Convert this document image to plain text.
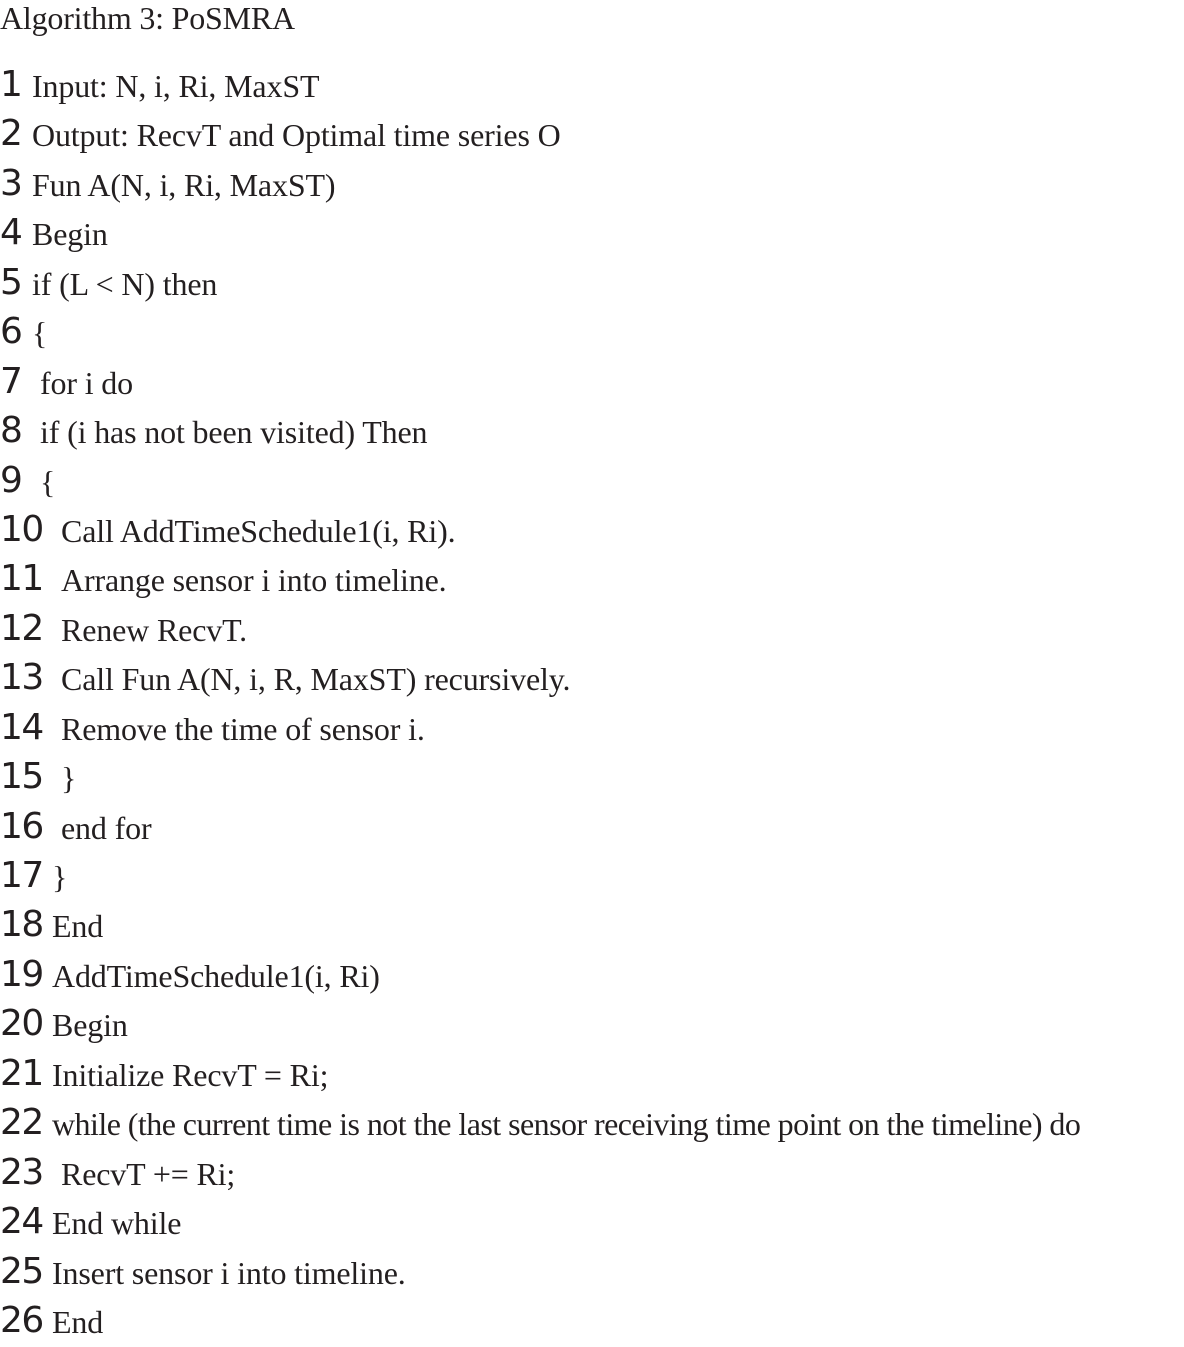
Algorithm 3: PoSMRA
1 Input: N, i, Ri, MaxST
2 Output: RecvT and Optimal time series O
3 Fun A(N, i, Ri, MaxST)
4 Begin
5 if (L < N) then
6 {
7 for i do
8 if (i has not been visited) Then
9 {
10 Call AddTimeSchedule1(i, Ri).
11 Arrange sensor i into timeline.
12 Renew RecvT.
13 Call Fun A(N, i, R, MaxST) recursively.
14 Remove the time of sensor i.
15 }
16 end for
17 }
18 End
19 AddTimeSchedule1(i, Ri)
20 Begin
21 Initialize RecvT = Ri;
22 while (the current time is not the last sensor receiving time point on the timeline) do
23 RecvT += Ri;
24 End while
25 Insert sensor i into timeline.
26 End
